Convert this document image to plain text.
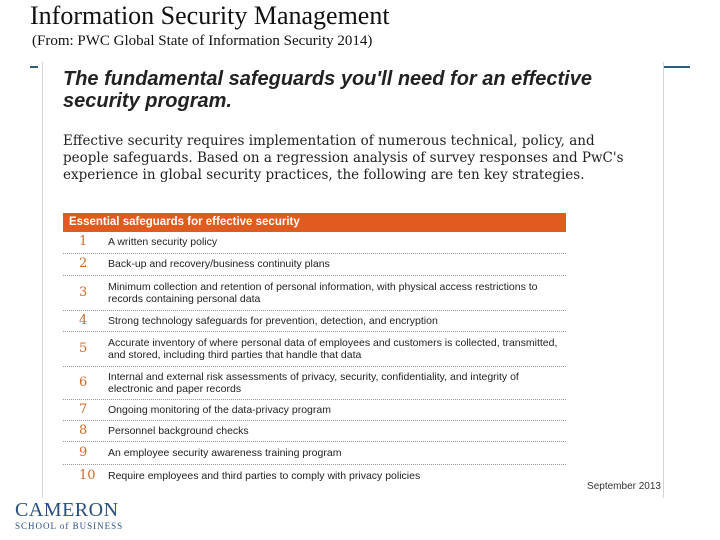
Information Security Management
(From: PWC Global State of Information Security 2014)
The fundamental safeguards you'll need for an effective security program.
Effective security requires implementation of numerous technical, policy, and people safeguards. Based on a regression analysis of survey responses and PwC's experience in global security practices, the following are ten key strategies.
Essential safeguards for effective security
1	A written security policy
2	Back-up and recovery/business continuity plans
3	Minimum collection and retention of personal information, with physical access restrictions to records containing personal data
4	Strong technology safeguards for prevention, detection, and encryption
5	Accurate inventory of where personal data of employees and customers is collected, transmitted, and stored, including third parties that handle that data
6	Internal and external risk assessments of privacy, security, confidentiality, and integrity of electronic and paper records
7	Ongoing monitoring of the data-privacy program
8	Personnel background checks
9	An employee security awareness training program
10	Require employees and third parties to comply with privacy policies
September 2013
CAMERON
SCHOOL of BUSINESS
